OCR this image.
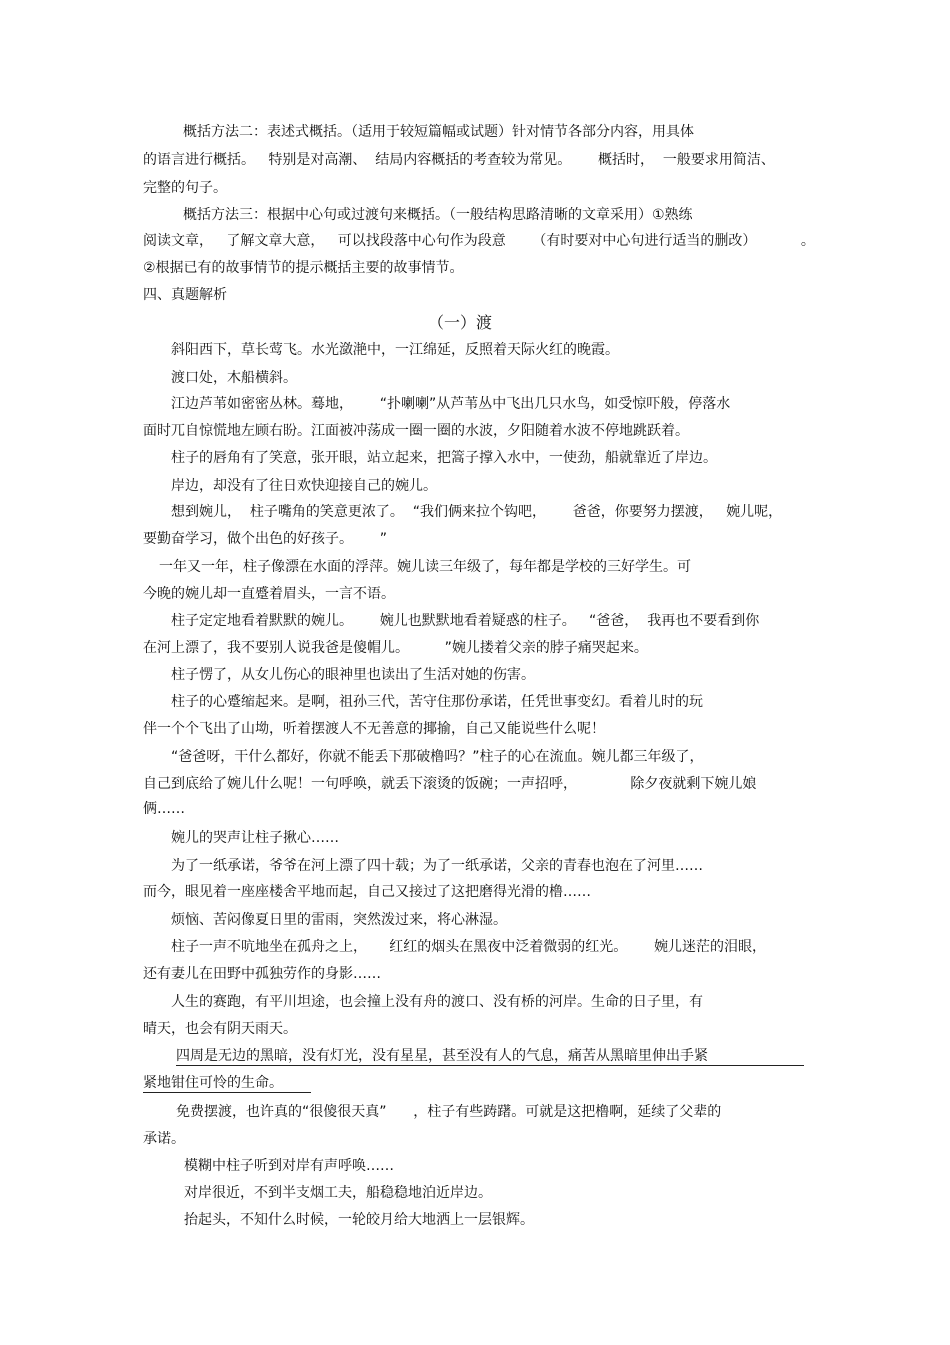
概括方法二：表述式概括。（适用于较短篇幅或试题）针对情节各部分内容，用具体
的语言进行概括。   特别是对高潮、  结局内容概括的考查较为常见。      概括时，  一般要求用简洁、
完整的句子。
概括方法三：根据中心句或过渡句来概括。（一般结构思路清晰的文章采用）①熟练
阅读文章，   了解文章大意，   可以找段落中心句作为段意      （有时要对中心句进行适当的删改）          。
②根据已有的故事情节的提示概括主要的故事情节。
四、真题解析
（一）渡
斜阳西下，草长莺飞。水光潋滟中，一江绵延，反照着天际火红的晚霞。
渡口处，木船横斜。
江边芦苇如密密丛林。蓦地，      “扑喇喇”从芦苇丛中飞出几只水鸟，如受惊吓般，停落水
面时兀自惊慌地左顾右盼。江面被冲荡成一圈一圈的水波，夕阳随着水波不停地跳跃着。
柱子的唇角有了笑意，张开眼，站立起来，把篙子撑入水中，一使劲，船就靠近了岸边。
岸边，却没有了往日欢快迎接自己的婉儿。
想到婉儿，  柱子嘴角的笑意更浓了。  “我们俩来拉个钩吧，      爸爸，你要努力摆渡，   婉儿呢，
要勤奋学习，做个出色的好孩子。      ”
一年又一年，柱子像漂在水面的浮萍。婉儿读三年级了，每年都是学校的三好学生。可
今晚的婉儿却一直蹙着眉头，一言不语。
柱子定定地看着默默的婉儿。      婉儿也默默地看着疑惑的柱子。   “爸爸，  我再也不要看到你
在河上漂了，我不要别人说我爸是傻帽儿。        ”婉儿搂着父亲的脖子痛哭起来。
柱子愣了，从女儿伤心的眼神里也读出了生活对她的伤害。
柱子的心蹙缩起来。是啊，祖孙三代，苦守住那份承诺，任凭世事变幻。看着儿时的玩
伴一个个飞出了山坳，听着摆渡人不无善意的揶揄，自己又能说些什么呢！
“爸爸呀，干什么都好，你就不能丢下那破橹吗？”柱子的心在流血。婉儿都三年级了，
自己到底给了婉儿什么呢！一句呼唤，就丢下滚烫的饭碗；一声招呼，            除夕夜就剩下婉儿娘
俩……
婉儿的哭声让柱子揪心……
为了一纸承诺，爷爷在河上漂了四十载；为了一纸承诺，父亲的青春也泡在了河里……
而今，眼见着一座座楼舍平地而起，自己又接过了这把磨得光滑的橹……
烦恼、苦闷像夏日里的雷雨，突然泼过来，将心淋湿。
柱子一声不吭地坐在孤舟之上，     红红的烟头在黑夜中泛着微弱的红光。      婉儿迷茫的泪眼，
还有妻儿在田野中孤独劳作的身影……
人生的赛跑，有平川坦途，也会撞上没有舟的渡口、没有桥的河岸。生命的日子里，有
晴天，也会有阴天雨天。
四周是无边的黑暗，没有灯光，没有星星，甚至没有人的气息，痛苦从黑暗里伸出手紧
紧地钳住可怜的生命。
免费摆渡，也许真的“很傻很天真”      ，柱子有些踌躇。可就是这把橹啊，延续了父辈的
承诺。
模糊中柱子听到对岸有声呼唤……
对岸很近，不到半支烟工夫，船稳稳地泊近岸边。
抬起头，不知什么时候，一轮皎月给大地洒上一层银辉。
